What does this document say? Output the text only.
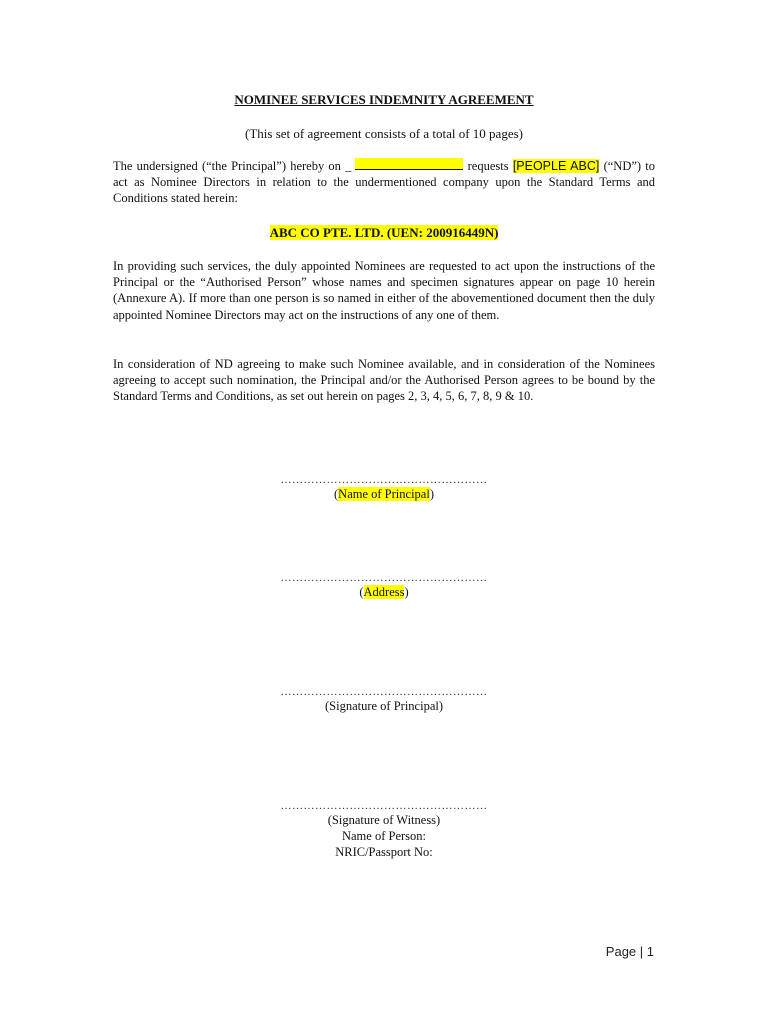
NOMINEE SERVICES INDEMNITY AGREEMENT
(This set of agreement consists of a total of 10 pages)
The undersigned (“the Principal”) hereby on _	requests [PEOPLE ABC] (“ND”) to act as Nominee Directors in relation to the undermentioned company upon the Standard Terms and Conditions stated herein:
ABC CO PTE. LTD. (UEN: 200916449N)
In providing such services, the duly appointed Nominees are requested to act upon the instructions of the Principal or the “Authorised Person” whose names and specimen signatures appear on page 10 herein (Annexure A). If more than one person is so named in either of the abovementioned document then the duly appointed Nominee Directors may act on the instructions of any one of them.
In consideration of ND agreeing to make such Nominee available, and in consideration of the Nominees agreeing to accept such nomination, the Principal and/or the Authorised Person agrees to be bound by the Standard Terms and Conditions, as set out herein on pages 2, 3, 4, 5, 6, 7, 8, 9 & 10.
………………………………………………
(Name of Principal)
………………………………………………
(Address)
………………………………………………
(Signature of Principal)
………………………………………………
(Signature of Witness)
Name of Person:
NRIC/Passport No:
Page | 1
